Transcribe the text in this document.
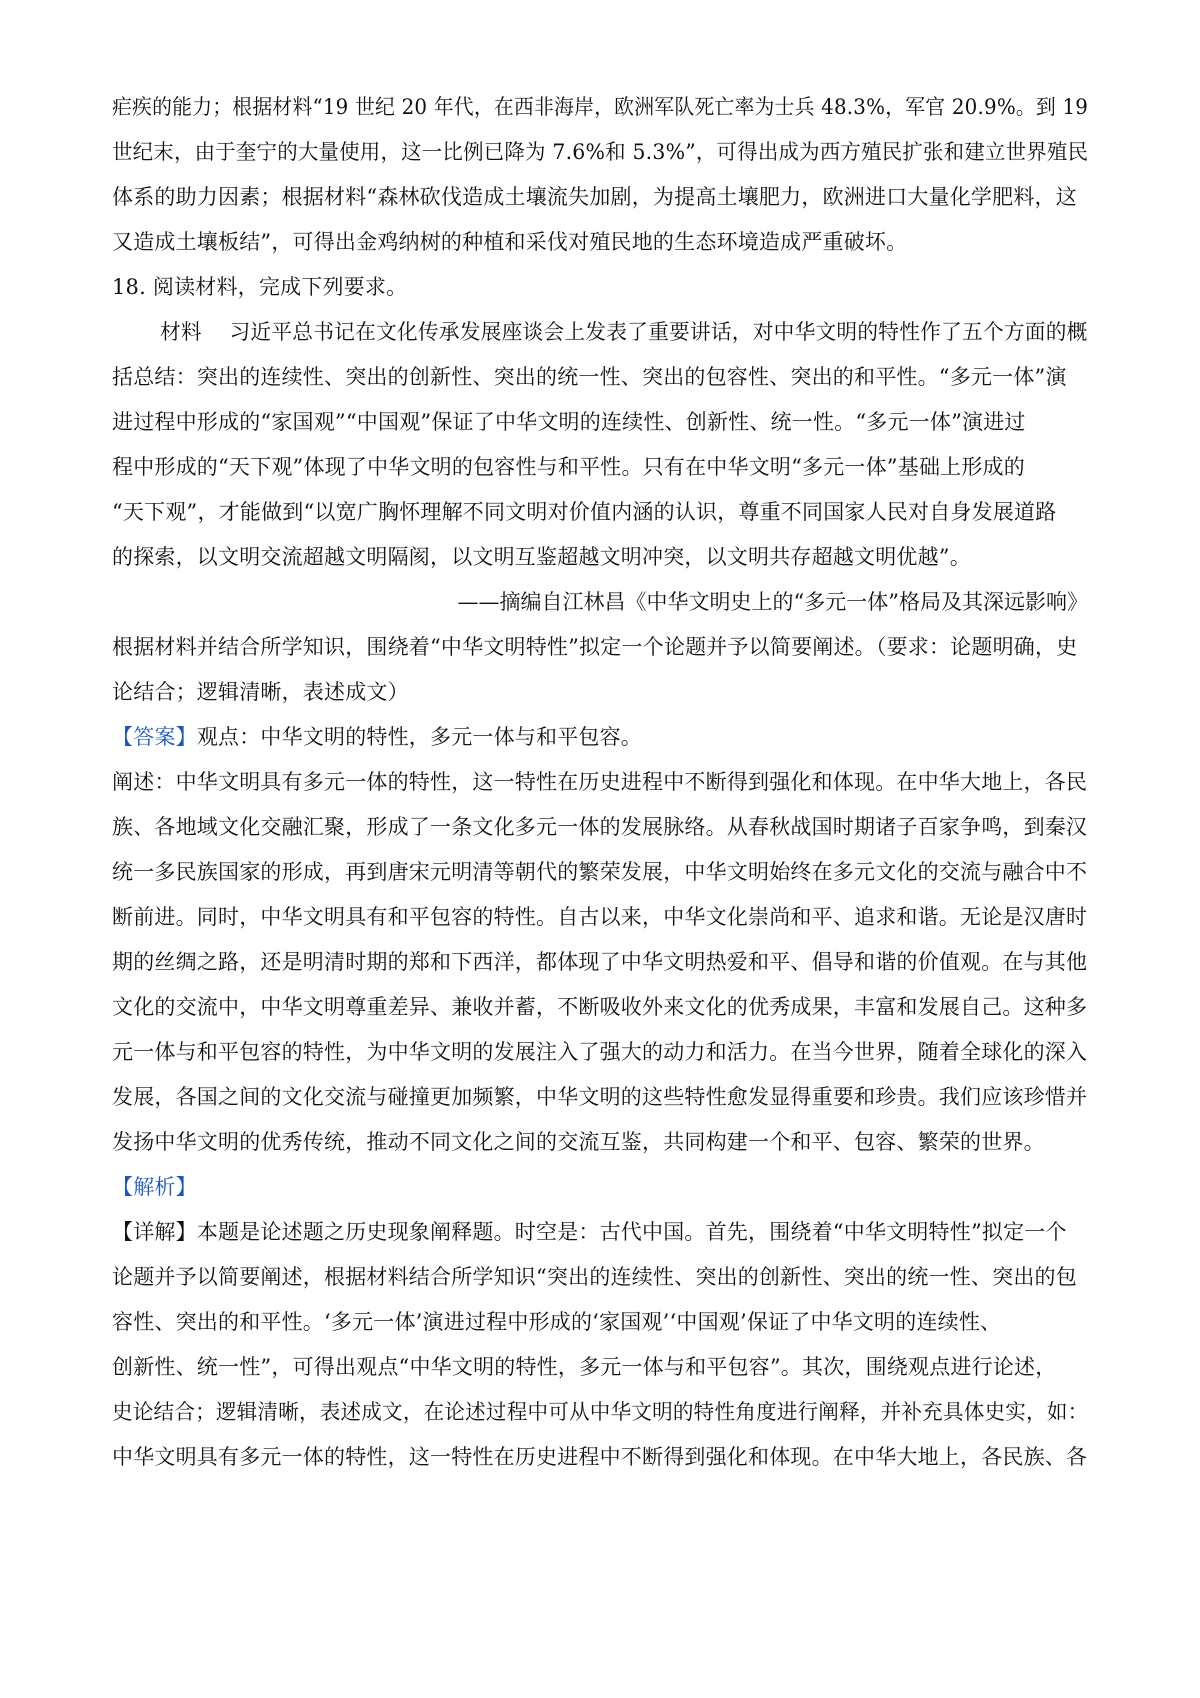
疟疾的能力；根据材料“19 世纪 20 年代，在西非海岸，欧洲军队死亡率为士兵 48.3%，军官 20.9%。到 19
世纪末，由于奎宁的大量使用，这一比例已降为 7.6%和 5.3%”，可得出成为西方殖民扩张和建立世界殖民
体系的助力因素；根据材料“森林砍伐造成土壤流失加剧，为提高土壤肥力，欧洲进口大量化学肥料，这
又造成土壤板结”，可得出金鸡纳树的种植和采伐对殖民地的生态环境造成严重破坏。
18. 阅读材料，完成下列要求。
材料 习近平总书记在文化传承发展座谈会上发表了重要讲话，对中华文明的特性作了五个方面的概
括总结：突出的连续性、突出的创新性、突出的统一性、突出的包容性、突出的和平性。“多元一体”演
进过程中形成的“家国观”“中国观”保证了中华文明的连续性、创新性、统一性。“多元一体”演进过
程中形成的“天下观”体现了中华文明的包容性与和平性。只有在中华文明“多元一体”基础上形成的
“天下观”，才能做到“以宽广胸怀理解不同文明对价值内涵的认识，尊重不同国家人民对自身发展道路
的探索，以文明交流超越文明隔阂，以文明互鉴超越文明冲突，以文明共存超越文明优越”。
——摘编自江林昌《中华文明史上的“多元一体”格局及其深远影响》
根据材料并结合所学知识，围绕着“中华文明特性”拟定一个论题并予以简要阐述。（要求：论题明确，史
论结合；逻辑清晰，表述成文）
【答案】观点：中华文明的特性，多元一体与和平包容。
阐述：中华文明具有多元一体的特性，这一特性在历史进程中不断得到强化和体现。在中华大地上，各民
族、各地域文化交融汇聚，形成了一条文化多元一体的发展脉络。从春秋战国时期诸子百家争鸣，到秦汉
统一多民族国家的形成，再到唐宋元明清等朝代的繁荣发展，中华文明始终在多元文化的交流与融合中不
断前进。同时，中华文明具有和平包容的特性。自古以来，中华文化崇尚和平、追求和谐。无论是汉唐时
期的丝绸之路，还是明清时期的郑和下西洋，都体现了中华文明热爱和平、倡导和谐的价值观。在与其他
文化的交流中，中华文明尊重差异、兼收并蓄，不断吸收外来文化的优秀成果，丰富和发展自己。这种多
元一体与和平包容的特性，为中华文明的发展注入了强大的动力和活力。在当今世界，随着全球化的深入
发展，各国之间的文化交流与碰撞更加频繁，中华文明的这些特性愈发显得重要和珍贵。我们应该珍惜并
发扬中华文明的优秀传统，推动不同文化之间的交流互鉴，共同构建一个和平、包容、繁荣的世界。
【解析】
【详解】本题是论述题之历史现象阐释题。时空是：古代中国。首先，围绕着“中华文明特性”拟定一个
论题并予以简要阐述，根据材料结合所学知识“突出的连续性、突出的创新性、突出的统一性、突出的包
容性、突出的和平性。‘多元一体’演进过程中形成的‘家国观’‘中国观’保证了中华文明的连续性、
创新性、统一性”，可得出观点“中华文明的特性，多元一体与和平包容”。其次，围绕观点进行论述，
史论结合；逻辑清晰，表述成文，在论述过程中可从中华文明的特性角度进行阐释，并补充具体史实，如：
中华文明具有多元一体的特性，这一特性在历史进程中不断得到强化和体现。在中华大地上，各民族、各
